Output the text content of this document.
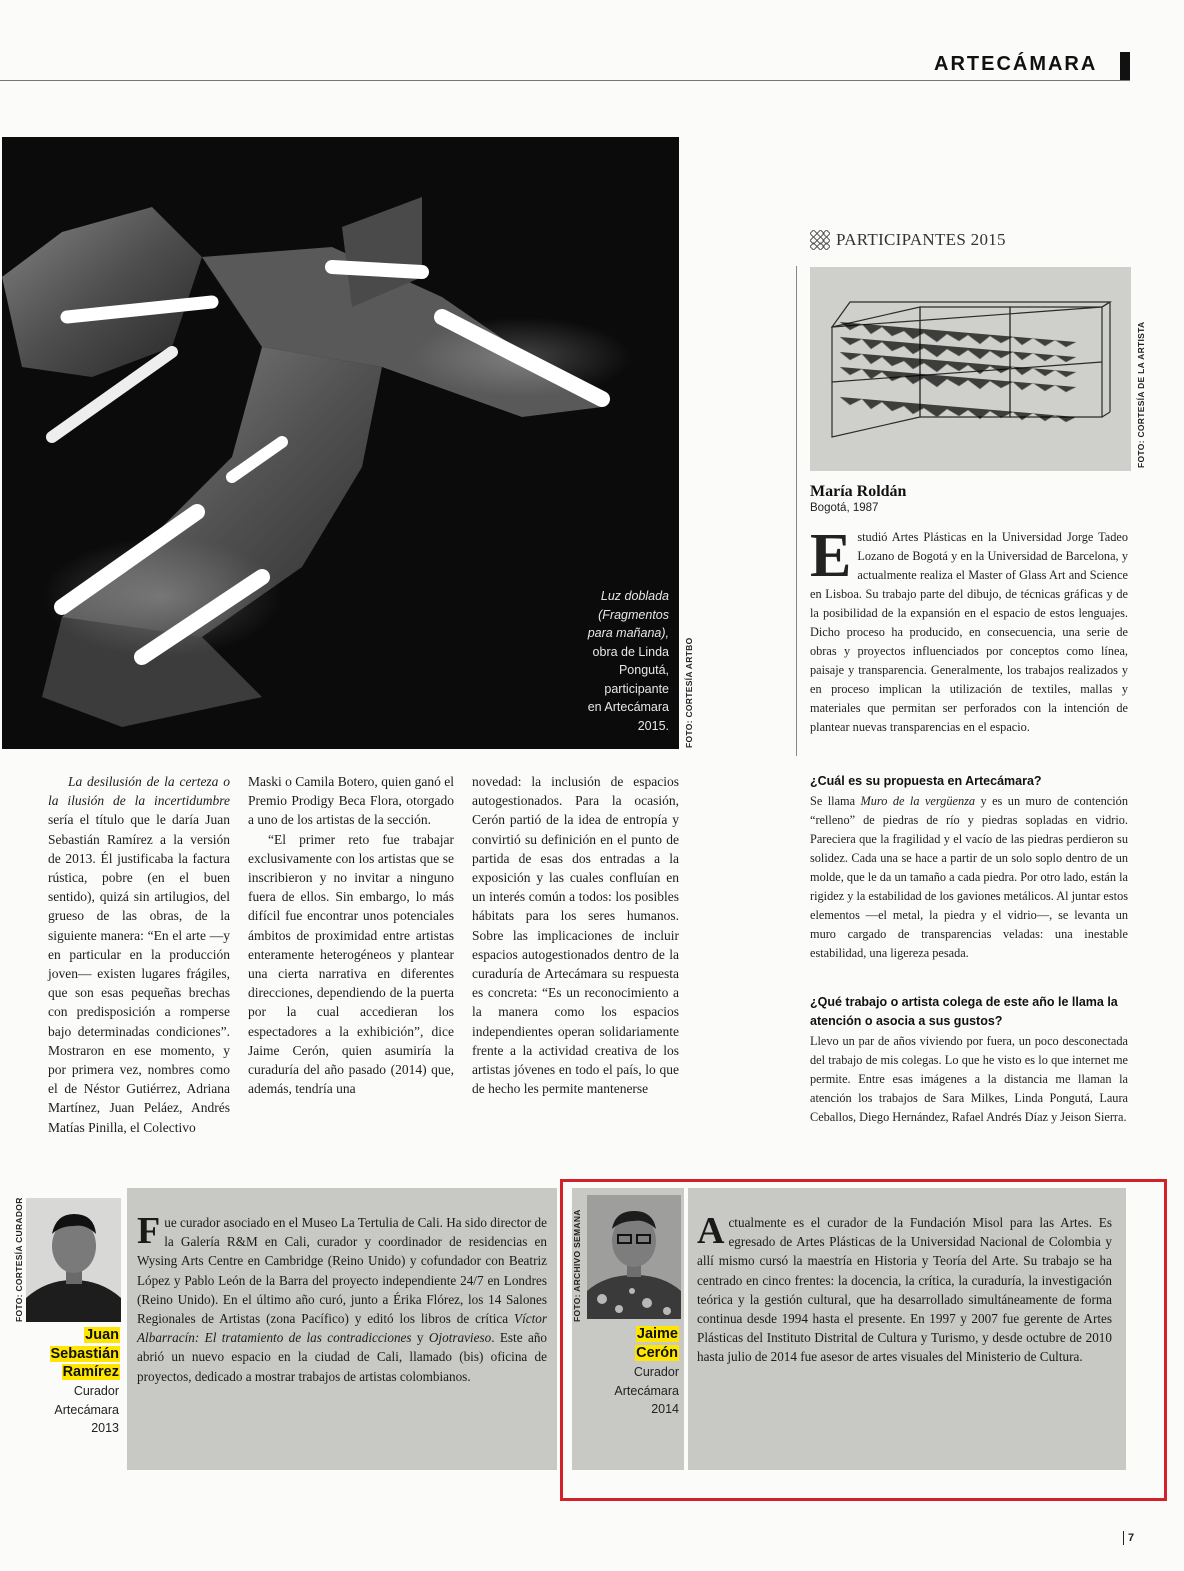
ARTECÁMARA
Luz doblada
(Fragmentos
para mañana),
obra de Linda
Pongutá,
participante
en Artecámara
2015. FOTO: CORTESÍA ARTBO

La desilusión de la certeza o la ilusión de la incertidumbre sería el título que le daría Juan Sebastián Ramírez a la versión de 2013. Él justificaba la factura rústica, pobre (en el buen sentido), quizá sin artilugios, del grueso de las obras, de la siguiente manera: “En el arte —y en particular en la producción joven— existen lugares frágiles, que son esas pequeñas brechas con predisposición a romperse bajo determinadas condiciones”. Mostraron en ese momento, y por primera vez, nombres como el de Néstor Gutiérrez, Adriana Martínez, Juan Peláez, Andrés Matías Pinilla, el Colectivo

Maski o Camila Botero, quien ganó el Premio Prodigy Beca Flora, otorgado a uno de los artistas de la sección.

“El primer reto fue trabajar exclusivamente con los artistas que se inscribieron y no invitar a ninguno fuera de ellos. Sin embargo, lo más difícil fue encontrar unos potenciales ámbitos de proximidad entre artistas enteramente heterogéneos y plantear una cierta narrativa en diferentes direcciones, dependiendo de la puerta por la cual accedieran los espectadores a la exhibición”, dice Jaime Cerón, quien asumiría la curaduría del año pasado (2014) que, además, tendría una

novedad: la inclusión de espacios autogestionados. Para la ocasión, Cerón partió de la idea de entropía y convirtió su definición en el punto de partida de esas dos entradas a la exposición y las cuales confluían en un interés común a todos: los posibles hábitats para los seres humanos. Sobre las implicaciones de incluir espacios autogestionados dentro de la curaduría de Artecámara su respuesta es concreta: “Es un reconocimiento a la manera como los espacios independientes operan solidariamente frente a la actividad creativa de los artistas jóvenes en todo el país, lo que de hecho les permite mantenerse

PARTICIPANTES 2015
FOTO: CORTESÍA DE LA ARTISTA
María Roldán
Bogotá, 1987
Estudió Artes Plásticas en la Universidad Jorge Tadeo Lozano de Bogotá y en la Universidad de Barcelona, y actualmente realiza el Master of Glass Art and Science en Lisboa. Su trabajo parte del dibujo, de técnicas gráficas y de la posibilidad de la expansión en el espacio de estos lenguajes. Dicho proceso ha producido, en consecuencia, una serie de obras y proyectos influenciados por conceptos como línea, paisaje y transparencia. Generalmente, los trabajos realizados y en proceso implican la utilización de textiles, mallas y materiales que permitan ser perforados con la intención de plantear nuevas transparencias en el espacio.
¿Cuál es su propuesta en Artecámara?
Se llama Muro de la vergüenza y es un muro de contención “relleno” de piedras de río y piedras sopladas en vidrio. Pareciera que la fragilidad y el vacío de las piedras perdieron su solidez. Cada una se hace a partir de un solo soplo dentro de un molde, que le da un tamaño a cada piedra. Por otro lado, están la rigidez y la estabilidad de los gaviones metálicos. Al juntar estos elementos —el metal, la piedra y el vidrio—, se levanta un muro cargado de transparencias veladas: una inestable estabilidad, una ligereza pesada.
¿Qué trabajo o artista colega de este año le llama la atención o asocia a sus gustos?
Llevo un par de años viviendo por fuera, un poco desconectada del trabajo de mis colegas. Lo que he visto es lo que internet me permite. Entre esas imágenes a la distancia me llaman la atención los trabajos de Sara Milkes, Linda Pongutá, Laura Ceballos, Diego Hernández, Rafael Andrés Díaz y Jeison Sierra.
FOTO: CORTESÍA CURADOR
Juan
Sebastián
Ramírez
Curador
Artecámara
2013
Fue curador asociado en el Museo La Tertulia de Cali. Ha sido director de la Galería R&M en Cali, curador y coordinador de residencias en Wysing Arts Centre en Cambridge (Reino Unido) y cofundador con Beatriz López y Pablo León de la Barra del proyecto independiente 24/7 en Londres (Reino Unido). En el último año curó, junto a Érika Flórez, los 14 Salones Regionales de Artistas (zona Pacífico) y editó los libros de crítica Víctor Albarracín: El tratamiento de las contradicciones y Ojotravieso. Este año abrió un nuevo espacio en la ciudad de Cali, llamado (bis) oficina de proyectos, dedicado a mostrar trabajos de artistas colombianos.
FOTO: ARCHIVO SEMANA
Jaime
Cerón
Curador
Artecámara
2014
Actualmente es el curador de la Fundación Misol para las Artes. Es egresado de Artes Plásticas de la Universidad Nacional de Colombia y allí mismo cursó la maestría en Historia y Teoría del Arte. Su trabajo se ha centrado en cinco frentes: la docencia, la crítica, la curaduría, la investigación teórica y la gestión cultural, que ha desarrollado simultáneamente de forma continua desde 1994 hasta el presente. En 1997 y 2007 fue gerente de Artes Plásticas del Instituto Distrital de Cultura y Turismo, y desde octubre de 2010 hasta julio de 2014 fue asesor de artes visuales del Ministerio de Cultura.
7
